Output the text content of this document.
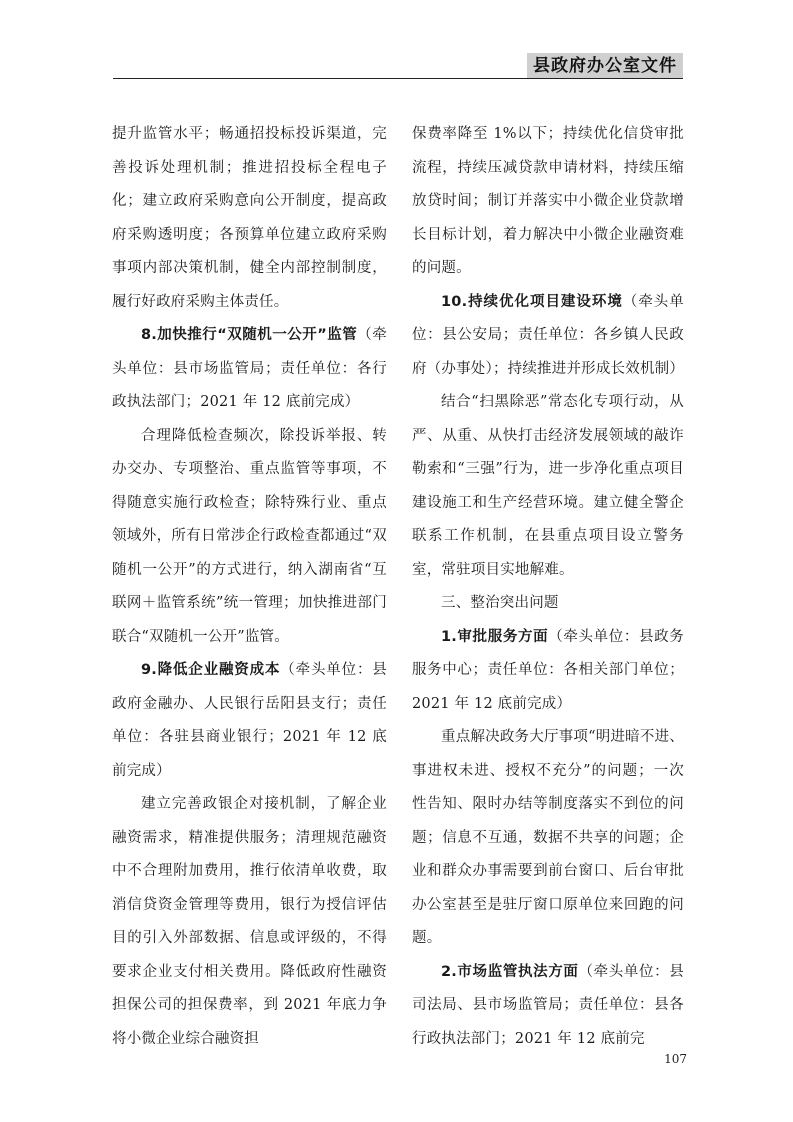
县政府办公室文件

提升监管水平；畅通招投标投诉渠道，完善投诉处理机制；推进招投标全程电子化；建立政府采购意向公开制度，提高政府采购透明度；各预算单位建立政府采购事项内部决策机制，健全内部控制制度，履行好政府采购主体责任。

8.加快推行“双随机一公开”监管（牵头单位：县市场监管局；责任单位：各行政执法部门；2021 年 12 底前完成）

合理降低检查频次，除投诉举报、转办交办、专项整治、重点监管等事项，不得随意实施行政检查；除特殊行业、重点领域外，所有日常涉企行政检查都通过“双随机一公开”的方式进行，纳入湖南省“互联网＋监管系统”统一管理；加快推进部门联合“双随机一公开”监管。

9.降低企业融资成本（牵头单位：县政府金融办、人民银行岳阳县支行；责任单位：各驻县商业银行；2021 年 12 底前完成）

建立完善政银企对接机制，了解企业融资需求，精准提供服务；清理规范融资中不合理附加费用，推行依清单收费，取消信贷资金管理等费用，银行为授信评估目的引入外部数据、信息或评级的，不得要求企业支付相关费用。降低政府性融资担保公司的担保费率，到 2021 年底力争将小微企业综合融资担

保费率降至 1%以下；持续优化信贷审批流程，持续压减贷款申请材料，持续压缩放贷时间；制订并落实中小微企业贷款增长目标计划，着力解决中小微企业融资难的问题。

10.持续优化项目建设环境（牵头单位：县公安局；责任单位：各乡镇人民政府（办事处）；持续推进并形成长效机制）

结合“扫黑除恶”常态化专项行动，从严、从重、从快打击经济发展领域的敲诈勒索和“三强”行为，进一步净化重点项目建设施工和生产经营环境。建立健全警企联系工作机制，在县重点项目设立警务室，常驻项目实地解难。

三、整治突出问题

1.审批服务方面（牵头单位：县政务服务中心；责任单位：各相关部门单位；2021 年 12 底前完成）

重点解决政务大厅事项“明进暗不进、事进权未进、授权不充分”的问题；一次性告知、限时办结等制度落实不到位的问题；信息不互通，数据不共享的问题；企业和群众办事需要到前台窗口、后台审批办公室甚至是驻厅窗口原单位来回跑的问题。

2.市场监管执法方面（牵头单位：县司法局、县市场监管局；责任单位：县各行政执法部门；2021 年 12 底前完

107
